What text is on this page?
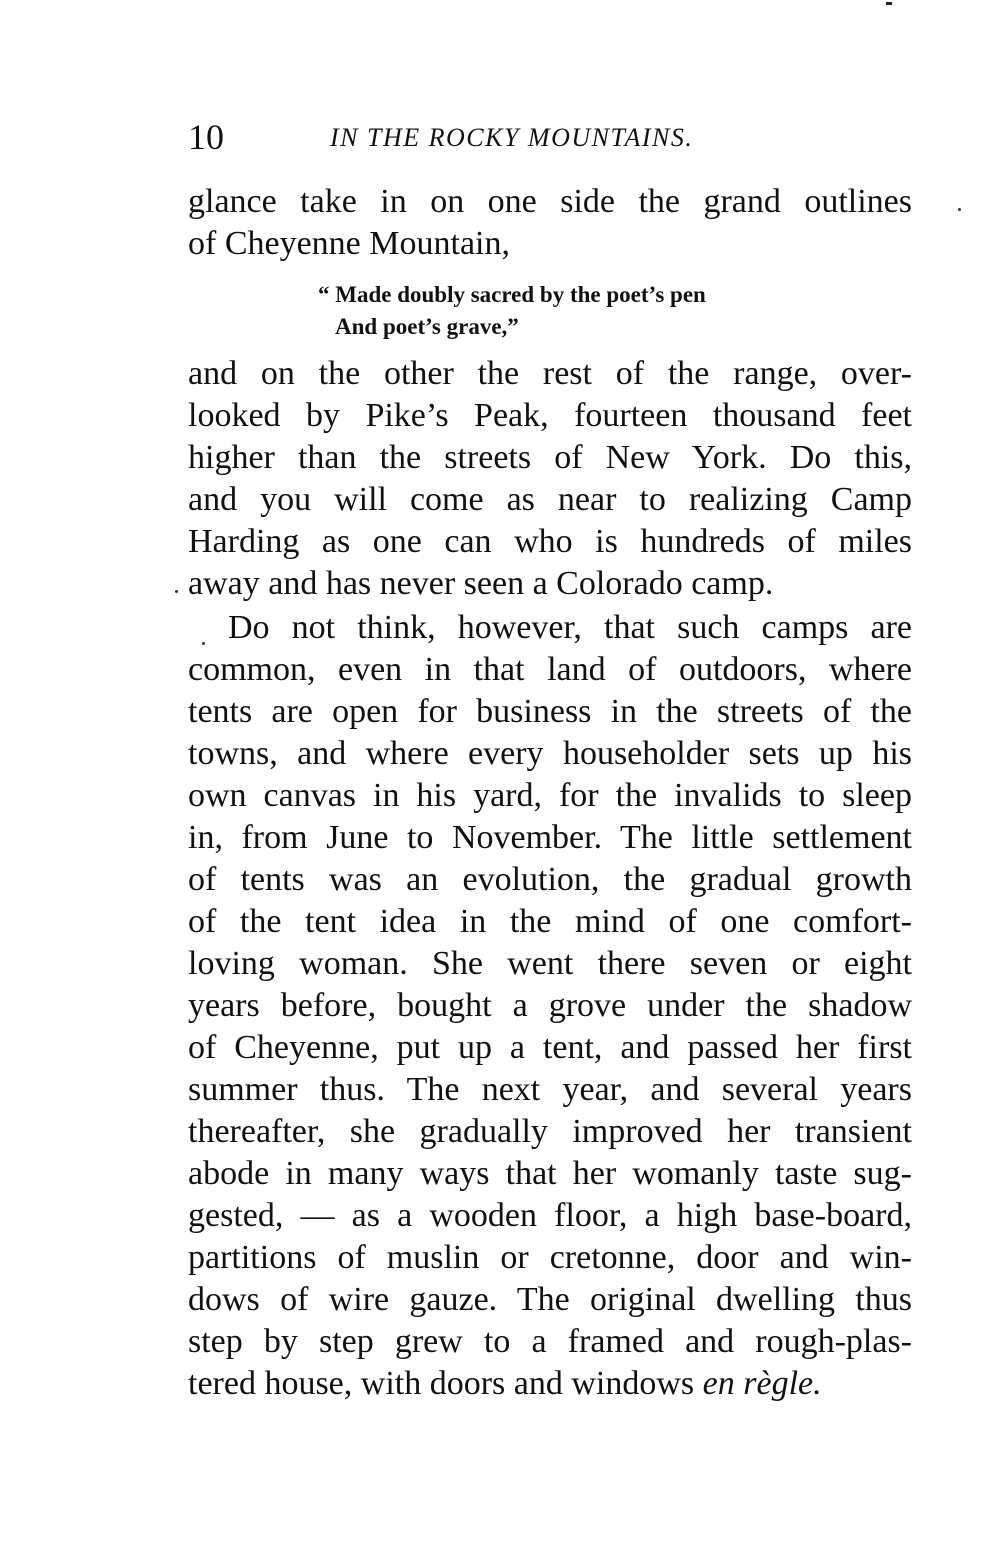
10	IN THE ROCKY MOUNTAINS.
glance take in on one side the grand outlines
of Cheyenne Mountain,
and on the other the rest of the range, over-
looked by Pike’s Peak, fourteen thousand feet
higher than the streets of New York. Do this,
and you will come as near to realizing Camp
Harding as one can who is hundreds of miles
away and has never seen a Colorado camp.
Do not think, however, that such camps are
common, even in that land of outdoors, where
tents are open for business in the streets of the
towns, and where every householder sets up his
own canvas in his yard, for the invalids to sleep
in, from June to November. The little settlement
of tents was an evolution, the gradual growth
of the tent idea in the mind of one comfort-
loving woman. She went there seven or eight
years before, bought a grove under the shadow
of Cheyenne, put up a tent, and passed her first
summer thus. The next year, and several years
thereafter, she gradually improved her transient
abode in many ways that her womanly taste sug-
gested, — as a wooden floor, a high base-board,
partitions of muslin or cretonne, door and win-
dows of wire gauze. The original dwelling thus
step by step grew to a framed and rough-plas-
tered house, with doors and windows en règle.
“ Made doubly sacred by the poet’s pen
And poet’s grave,”
